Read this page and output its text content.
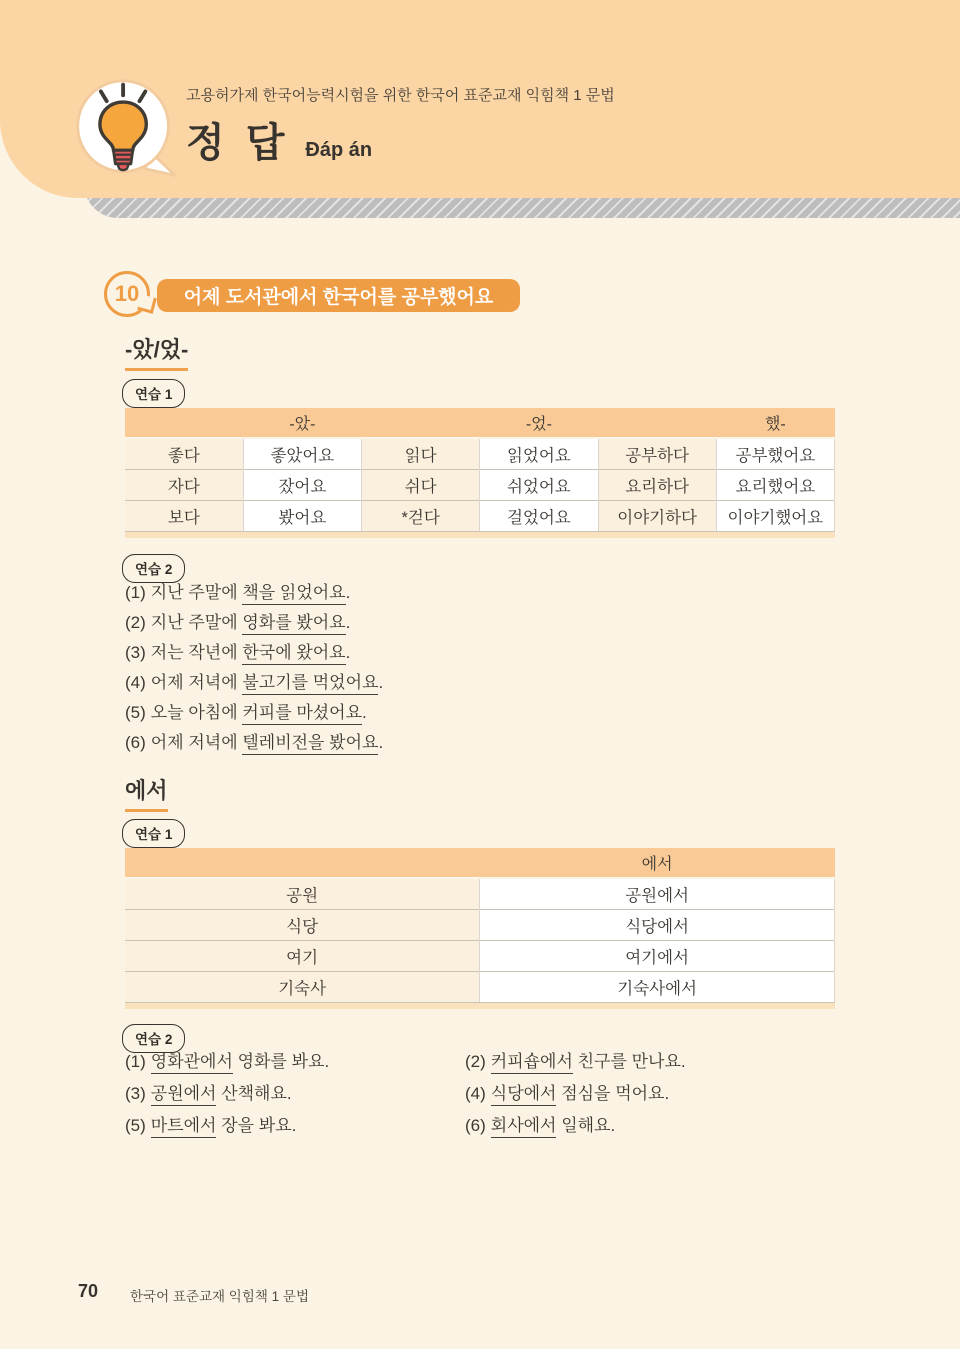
고용허가제 한국어능력시험을 위한 한국어 표준교재 익힘책 1 문법
정 답 Đáp án
어제 도서관에서 한국어를 공부했어요
10
-았/었-
연습 1
	-았-		-었-		했-
좋다	좋았어요	읽다	읽었어요	공부하다	공부했어요
자다	잤어요	쉬다	쉬었어요	요리하다	요리했어요
보다	봤어요	*걷다	걸었어요	이야기하다	이야기했어요
연습 2
(1) 지난 주말에 책을 읽었어요.
(2) 지난 주말에 영화를 봤어요.
(3) 저는 작년에 한국에 왔어요.
(4) 어제 저녁에 불고기를 먹었어요.
(5) 오늘 아침에 커피를 마셨어요.
(6) 어제 저녁에 텔레비전을 봤어요.
에서
연습 1
	에서
공원	공원에서
식당	식당에서
여기	여기에서
기숙사	기숙사에서
연습 2
(1) 영화관에서 영화를 봐요.	(2) 커피숍에서 친구를 만나요.
(3) 공원에서 산책해요.	(4) 식당에서 점심을 먹어요.
(5) 마트에서 장을 봐요.	(6) 회사에서 일해요.
70 한국어 표준교재 익힘책 1 문법
